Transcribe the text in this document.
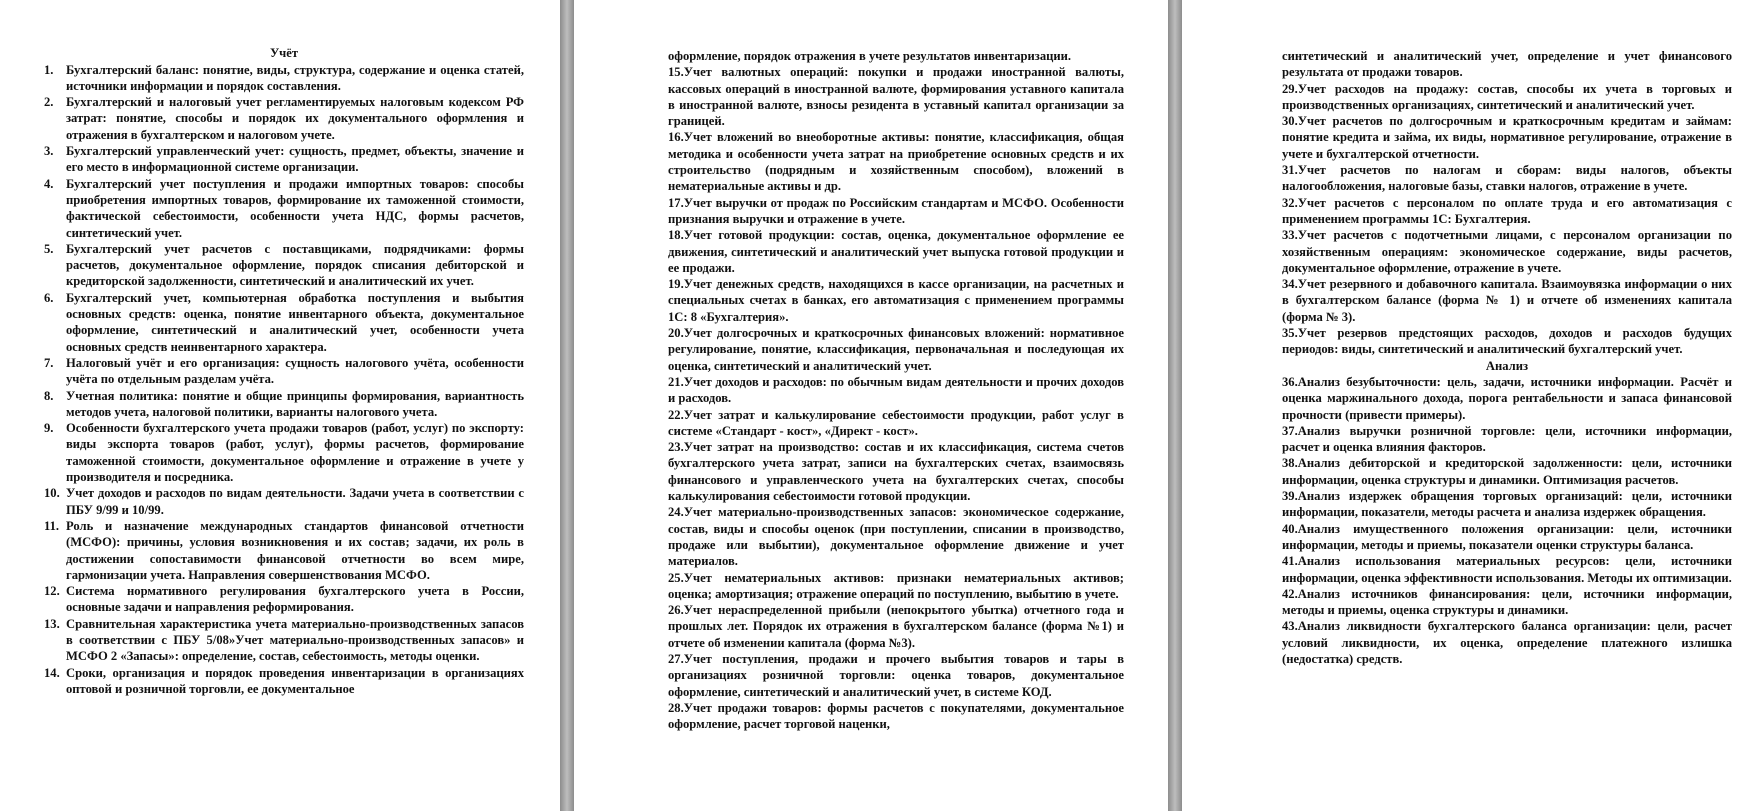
Учёт

1. Бухгалтерский баланс: понятие, виды, структура, содержание и оценка статей, источники информации и порядок составления.
2. Бухгалтерский и налоговый учет регламентируемых налоговым кодексом РФ затрат: понятие, способы и порядок их документального оформления и отражения в бухгалтерском и налоговом учете.
3. Бухгалтерский управленческий учет: сущность, предмет, объекты, значение и его место в информационной системе организации.
4. Бухгалтерский учет поступления и продажи импортных товаров: способы приобретения импортных товаров, формирование их таможенной стоимости, фактической себестоимости, особенности учета НДС, формы расчетов, синтетический учет.
5. Бухгалтерский учет расчетов с поставщиками, подрядчиками: формы расчетов, документальное оформление, порядок списания дебиторской и кредиторской задолженности, синтетический и аналитический их учет.
6. Бухгалтерский учет, компьютерная обработка поступления и выбытия основных средств: оценка, понятие инвентарного объекта, документальное оформление, синтетический и аналитический учет, особенности учета основных средств неинвентарного характера.
7. Налоговый учёт и его организация: сущность налогового учёта, особенности учёта по отдельным разделам учёта.
8. Учетная политика: понятие и общие принципы формирования, вариантность методов учета, налоговой политики, варианты налогового учета.
9. Особенности бухгалтерского учета продажи товаров (работ, услуг) по экспорту: виды экспорта товаров (работ, услуг), формы расчетов, формирование таможенной стоимости, документальное оформление и отражение в учете у производителя и посредника.
10. Учет доходов и расходов по видам деятельности. Задачи учета в соответствии с ПБУ 9/99 и 10/99.
11. Роль и назначение международных стандартов финансовой отчетности (МСФО): причины, условия возникновения и их состав; задачи, их роль в достижении сопоставимости финансовой отчетности во всем мире, гармонизации учета. Направления совершенствования МСФО.
12. Система нормативного регулирования бухгалтерского учета в России, основные задачи и направления реформирования.
13. Сравнительная характеристика учета материально-производственных запасов в соответствии с ПБУ 5/08»Учет материально-производственных запасов» и МСФО 2 «Запасы»: определение, состав, себестоимость, методы оценки.
14. Сроки, организация и порядок проведения инвентаризации в организациях оптовой и розничной торговли, ее документальное

оформление, порядок отражения в учете результатов инвентаризации.

15.Учет валютных операций: покупки и продажи иностранной валюты, кассовых операций в иностранной валюте, формирования уставного капитала в иностранной валюте, взносы резидента в уставный капитал организации за границей.
16.Учет вложений во внеоборотные активы: понятие, классификация, общая методика и особенности учета затрат на приобретение основных средств и их строительство (подрядным и хозяйственным способом), вложений в нематериальные активы и др.
17.Учет выручки от продаж по Российским стандартам и МСФО. Особенности признания выручки и отражение в учете.
18.Учет готовой продукции: состав, оценка, документальное оформление ее движения, синтетический и аналитический учет выпуска готовой продукции и ее продажи.
19.Учет денежных средств, находящихся в кассе организации, на расчетных и специальных счетах в банках, его автоматизация с применением программы 1С: 8 «Бухгалтерия».
20.Учет долгосрочных и краткосрочных финансовых вложений: нормативное регулирование, понятие, классификация, первоначальная и последующая их оценка, синтетический и аналитический учет.
21.Учет доходов и расходов: по обычным видам деятельности и прочих доходов и расходов.
22.Учет затрат и калькулирование себестоимости продукции, работ услуг в системе «Стандарт - кост», «Директ - кост».
23.Учет затрат на производство: состав и их классификация, система счетов бухгалтерского учета затрат, записи на бухгалтерских счетах, взаимосвязь финансового и управленческого учета на бухгалтерских счетах, способы калькулирования себестоимости готовой продукции.
24.Учет материально-производственных запасов: экономическое содержание, состав, виды и способы оценок (при поступлении, списании в производство, продаже или выбытии), документальное оформление движение и учет материалов.
25.Учет нематериальных активов: признаки нематериальных активов; оценка; амортизация; отражение операций по поступлению, выбытию в учете.
26.Учет нераспределенной прибыли (непокрытого убытка) отчетного года и прошлых лет. Порядок их отражения в бухгалтерском балансе (форма №1) и отчете об изменении капитала (форма №3).
27.Учет поступления, продажи и прочего выбытия товаров и тары в организациях розничной торговли: оценка товаров, документальное оформление, синтетический и аналитический учет, в системе КОД.
28.Учет продажи товаров: формы расчетов с покупателями, документальное оформление, расчет торговой наценки,

синтетический и аналитический учет, определение и учет финансового результата от продажи товаров.

29.Учет расходов на продажу: состав, способы их учета в торговых и производственных организациях, синтетический и аналитический учет.
30.Учет расчетов по долгосрочным и краткосрочным кредитам и займам: понятие кредита и займа, их виды, нормативное регулирование, отражение в учете и бухгалтерской отчетности.
31.Учет расчетов по налогам и сборам: виды налогов, объекты налогообложения, налоговые базы, ставки налогов, отражение в учете.
32.Учет расчетов с персоналом по оплате труда и его автоматизация с применением программы 1С: Бухгалтерия.
33.Учет расчетов с подотчетными лицами, с персоналом организации по хозяйственным операциям: экономическое содержание, виды расчетов, документальное оформление, отражение в учете.
34.Учет резервного и добавочного капитала. Взаимоувязка информации о них в бухгалтерском балансе (форма № 1) и отчете об изменениях капитала (форма № 3).
35.Учет резервов предстоящих расходов, доходов и расходов будущих периодов: виды, синтетический и аналитический бухгалтерский учет.

Анализ

36.Анализ безубыточности: цель, задачи, источники информации. Расчёт и оценка маржинального дохода, порога рентабельности и запаса финансовой прочности (привести примеры).
37.Анализ выручки розничной торговле: цели, источники информации, расчет и оценка влияния факторов.
38.Анализ дебиторской и кредиторской задолженности: цели, источники информации, оценка структуры и динамики. Оптимизация расчетов.
39.Анализ издержек обращения торговых организаций: цели, источники информации, показатели, методы расчета и анализа издержек обращения.
40.Анализ имущественного положения организации: цели, источники информации, методы и приемы, показатели оценки структуры баланса.
41.Анализ использования материальных ресурсов: цели, источники информации, оценка эффективности использования. Методы их оптимизации.
42.Анализ источников финансирования: цели, источники информации, методы и приемы, оценка структуры и динамики.
43.Анализ ликвидности бухгалтерского баланса организации: цели, расчет условий ликвидности, их оценка, определение платежного излишка (недостатка) средств.
